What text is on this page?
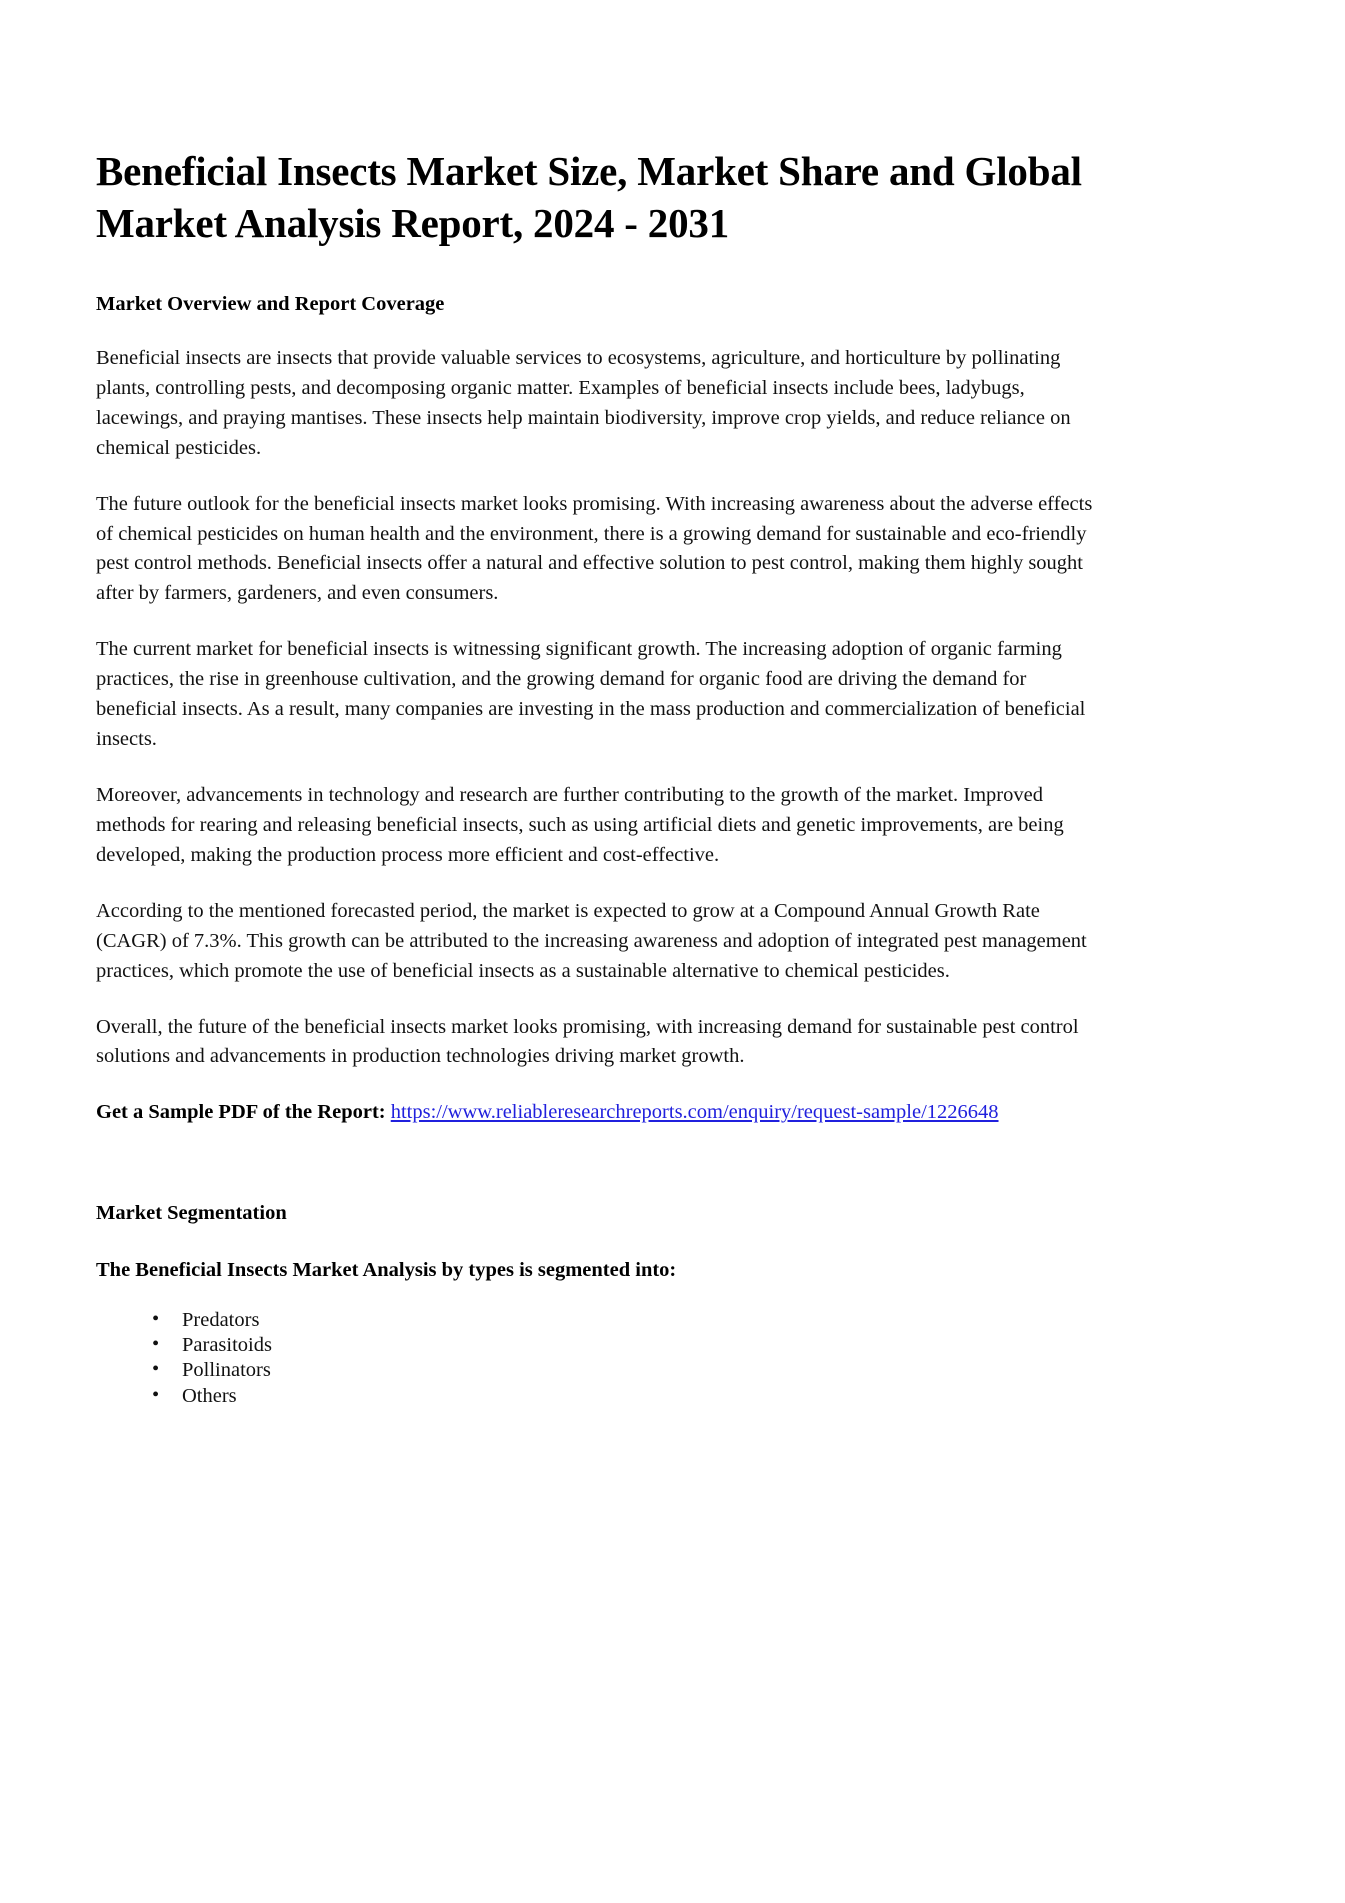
Beneficial Insects Market Size, Market Share and Global Market Analysis Report, 2024 - 2031
Market Overview and Report Coverage

Beneficial insects are insects that provide valuable services to ecosystems, agriculture, and horticulture by pollinating plants, controlling pests, and decomposing organic matter. Examples of beneficial insects include bees, ladybugs, lacewings, and praying mantises. These insects help maintain biodiversity, improve crop yields, and reduce reliance on chemical pesticides.

The future outlook for the beneficial insects market looks promising. With increasing awareness about the adverse effects of chemical pesticides on human health and the environment, there is a growing demand for sustainable and eco-friendly pest control methods. Beneficial insects offer a natural and effective solution to pest control, making them highly sought after by farmers, gardeners, and even consumers.

The current market for beneficial insects is witnessing significant growth. The increasing adoption of organic farming practices, the rise in greenhouse cultivation, and the growing demand for organic food are driving the demand for beneficial insects. As a result, many companies are investing in the mass production and commercialization of beneficial insects.

Moreover, advancements in technology and research are further contributing to the growth of the market. Improved methods for rearing and releasing beneficial insects, such as using artificial diets and genetic improvements, are being developed, making the production process more efficient and cost-effective.

According to the mentioned forecasted period, the market is expected to grow at a Compound Annual Growth Rate (CAGR) of 7.3%. This growth can be attributed to the increasing awareness and adoption of integrated pest management practices, which promote the use of beneficial insects as a sustainable alternative to chemical pesticides.

Overall, the future of the beneficial insects market looks promising, with increasing demand for sustainable pest control solutions and advancements in production technologies driving market growth.

Get a Sample PDF of the Report: https://www.reliableresearchreports.com/enquiry/request-sample/1226648

Market Segmentation
The Beneficial Insects Market Analysis by types is segmented into:
• Predators
• Parasitoids
• Pollinators
• Others
